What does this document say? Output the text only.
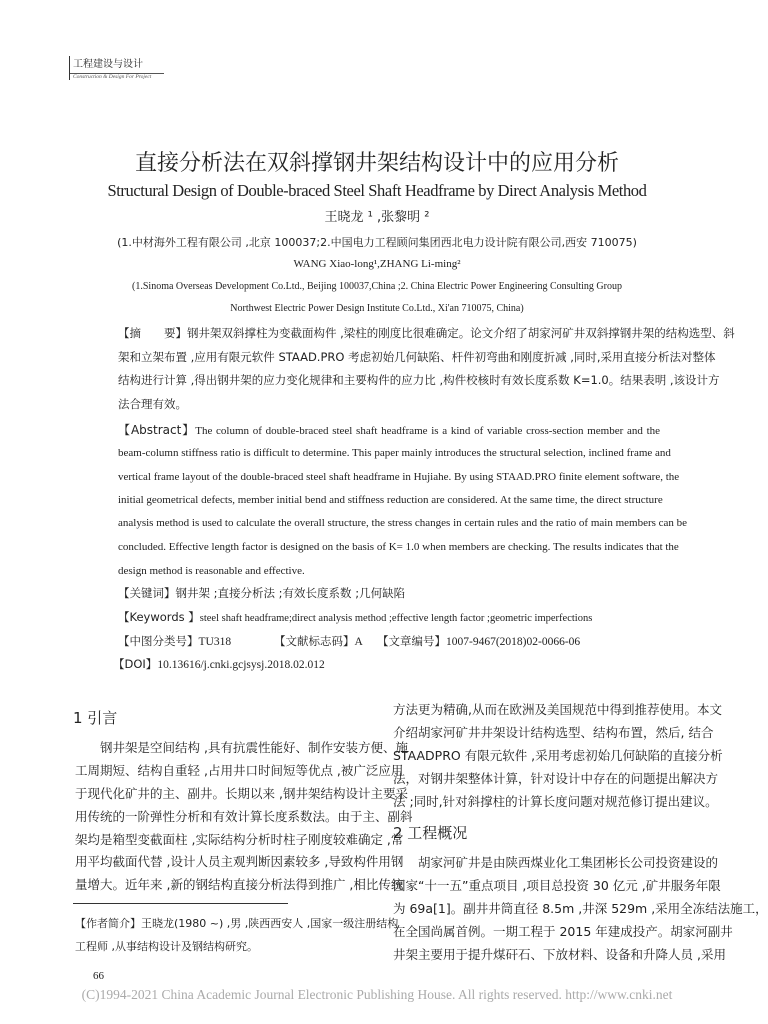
工程建设与设计
Construction & Design For Project
直接分析法在双斜撑钢井架结构设计中的应用分析
Structural Design of Double-braced Steel Shaft Headframe by Direct Analysis Method
王晓龙 ¹ ,张黎明 ²
(1.中材海外工程有限公司 ,北京 100037;2.中国电力工程顾问集团西北电力设计院有限公司,西安 710075)
WANG Xiao-long¹,ZHANG Li-ming²
(1.Sinoma Overseas Development Co.Ltd., Beijing 100037,China ;2. China Electric Power Engineering Consulting Group
Northwest Electric Power Design Institute Co.Ltd., Xi'an 710075, China)
【摘　　要】钢井架双斜撑柱为变截面构件 ,梁柱的刚度比很难确定。论文介绍了胡家河矿井双斜撑钢井架的结构选型、斜
架和立架布置 ,应用有限元软件 STAAD.PRO 考虑初始几何缺陷、杆件初弯曲和刚度折减 ,同时,采用直接分析法对整体
结构进行计算 ,得出钢井架的应力变化规律和主要构件的应力比 ,构件校核时有效长度系数 K=1.0。结果表明 ,该设计方
法合理有效。
【Abstract】The column of double-braced steel shaft headframe is a kind of variable cross-section member and the
beam-column stiffness ratio is difficult to determine. This paper mainly introduces the structural selection, inclined frame and
vertical frame layout of the double-braced steel shaft headframe in Hujiahe. By using STAAD.PRO finite element software, the
initial geometrical defects, member initial bend and stiffness reduction are considered. At the same time, the direct structure
analysis method is used to calculate the overall structure, the stress changes in certain rules and the ratio of main members can be
concluded. Effective length factor is designed on the basis of K= 1.0 when members are checking. The results indicates that the
design method is reasonable and effective.
【关键词】钢井架 ;直接分析法 ;有效长度系数 ;几何缺陷
【Keywords 】steel shaft headframe;direct analysis method ;effective length factor ;geometric imperfections
【中图分类号】TU318	【文献标志码】A 【文章编号】1007-9467(2018)02-0066-06
【DOI】10.13616/j.cnki.gcjsysj.2018.02.012
1 引言
　　钢井架是空间结构 ,具有抗震性能好、制作安装方便、施
工周期短、结构自重轻 ,占用井口时间短等优点 ,被广泛应用
于现代化矿井的主、副井。长期以来 ,钢井架结构设计主要采
用传统的一阶弹性分析和有效计算长度系数法。由于主、副斜
架均是箱型变截面柱 ,实际结构分析时柱子刚度较难确定 ,常
用平均截面代替 ,设计人员主观判断因素较多 ,导致构件用钢
量增大。近年来 ,新的钢结构直接分析法得到推广 ,相比传统
【作者简介】王晓龙(1980 ~) ,男 ,陕西西安人 ,国家一级注册结构
工程师 ,从事结构设计及钢结构研究。
66
(C)1994-2021 China Academic Journal Electronic Publishing House. All rights reserved. http://www.cnki.net
方法更为精确,从而在欧洲及美国规范中得到推荐使用。本文
介绍胡家河矿井井架设计结构选型、结构布置，然后, 结合
STAADPRO 有限元软件 ,采用考虑初始几何缺陷的直接分析
法，对钢井架整体计算，针对设计中存在的问题提出解决方
法 ;同时,针对斜撑柱的计算长度问题对规范修订提出建议。
2 工程概况
　　胡家河矿井是由陕西煤业化工集团彬长公司投资建设的
国家“十一五”重点项目 ,项目总投资 30 亿元 ,矿井服务年限
为 69a[1]。副井井筒直径 8.5m ,井深 529m ,采用全冻结法施工，
在全国尚属首例。一期工程于 2015 年建成投产。胡家河副井
井架主要用于提升煤矸石、下放材料、设备和升降人员 ,采用
